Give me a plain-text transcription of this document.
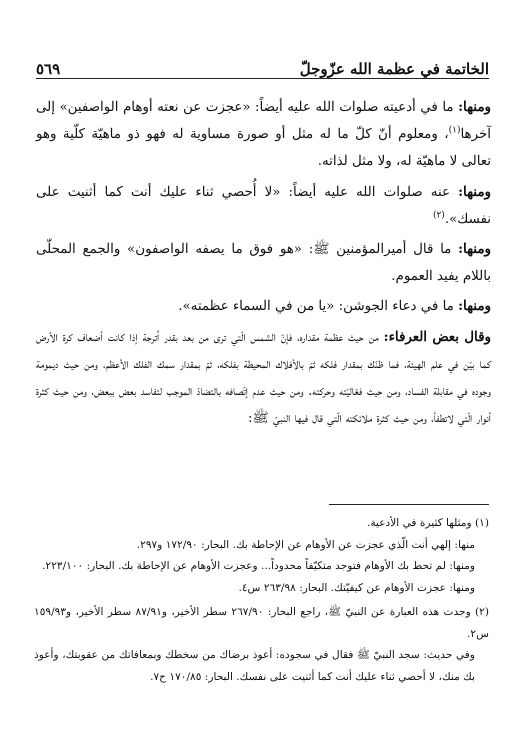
الخاتمة في عظمة الله عزّوجلّ
٥٦٩

ومنها: ما في أدعيته صلوات الله عليه أيضاً: «عجزت عن نعته أوهام الواصفين» إلى آخرها$^{(١)}$، ومعلوم أنّ كلّ ما له مثل أو صورة مساوية له فهو ذو ماهيّة كلّية وهو تعالى لا ماهيّة له، ولا مثل لذاته.

ومنها: عنه صلوات الله عليه أيضاً: «لا أُحصي ثناء عليك أنت كما أثنيت على نفسك».$^{(٢)}$

ومنها: ما قال أميرالمؤمنين ﷺ: «هو فوق ما يصفه الواصفون» والجمع المحلّى باللام يفيد العموم.

ومنها: ما في دعاء الجوشن: «يا من في السماء عظمته».

وقال بعض العرفاء: من حيث عظمة مقداره، فإنّ الشمس الّتي ترى من بعد بقدر اُترجة إذا كانت أضعاف كرة الأرض كما بيّن في علم الهيئة، فما ظنّك بمقدار فلكه ثمّ بالأفلاك المحيطة بفلكه، ثمّ بمقدار سمك الفلك الأعظم، ومن حيث ديمومة وجوده في مقابلة الفساد، ومن حيث فعّاليّته وحركته. ومن حيث عدم إتّصافه بالتضادّ الموجب لتفاسد بعض ببعض، ومن حيث كثرة أنوار الّتي لاتطفأ، ومن حيث كثرة ملائكته الّتي قال فيها النبيّ ﷺ:

(١) ومثلها كثيرة في الأدعية.

منها: إلهي أنت الّذي عجزت عن الأوهام عن الإحاطة بك. البحار: ١٧٢/٩٠ و٢٩٧.

ومنها: لم تحط بك الأوهام فتوجد متكيّفاً محدوداً... وعجزت الأوهام عن الإحاطة بك. البحار: ٢٢٣/١٠٠.

ومنها: عجزت الأوهام عن كيفيّتك. البحار: ٢٦٣/٩٨ س٤.

(٢) وجدت هذه العبارة عن النبيّ ﷺ، راجع البحار: ٢٦٧/٩٠ سطر الأخير، و٨٧/٩١ سطر الأخير، و١٥٩/٩٣ س٢.

وفي حديث: سجد النبيّ ﷺ فقال في سجوده: أعوذ برضاك من سخطك وبمعافاتك من عقوبتك، وأعوذ بك منك، لا أحصي ثناء عليك أنت كما أثنيت على نفسك. البحار: ١٧٠/٨٥ ح٧.
